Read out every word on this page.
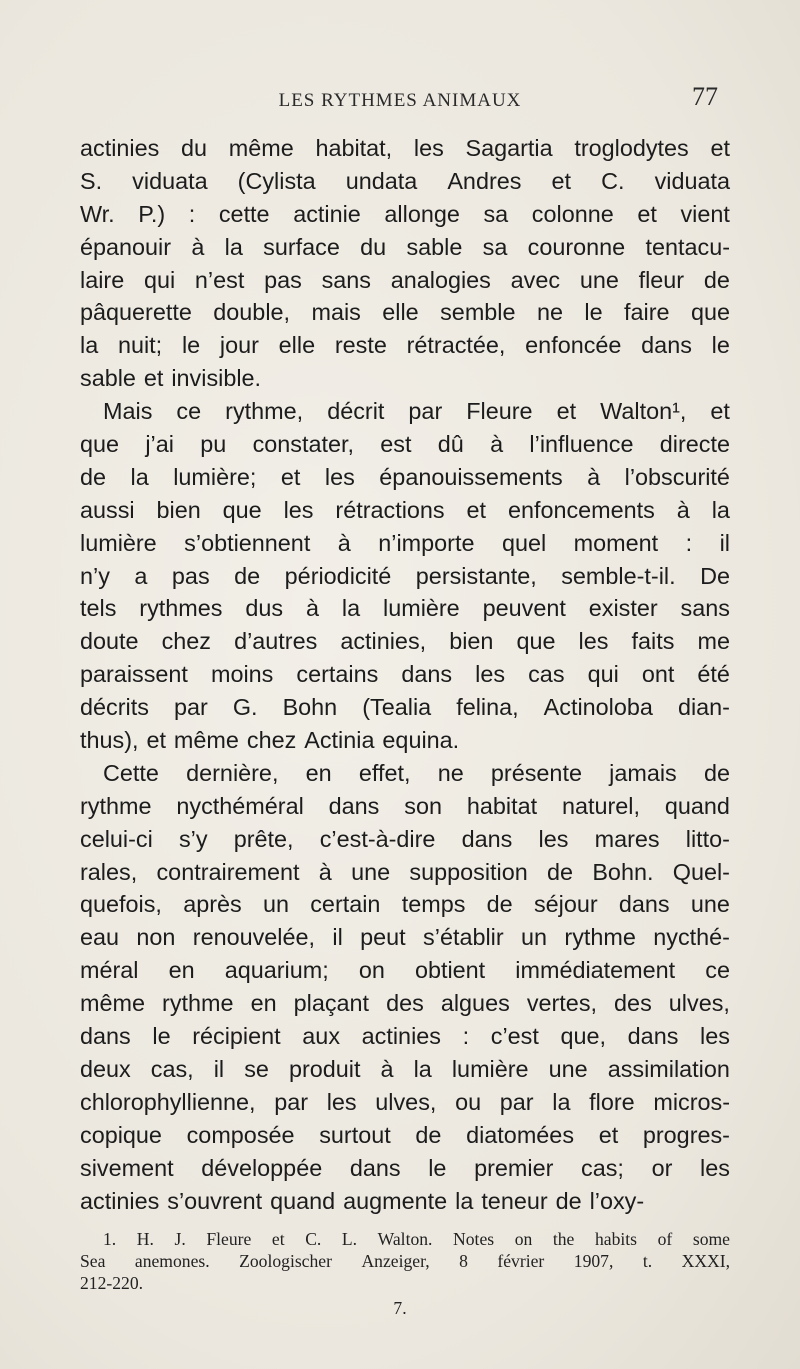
LES RYTHMES ANIMAUX	77
actinies du même habitat, les Sagartia troglodytes et
S. viduata (Cylista undata Andres et C. viduata
Wr. P.) : cette actinie allonge sa colonne et vient
épanouir à la surface du sable sa couronne tentacu-
laire qui n’est pas sans analogies avec une fleur de
pâquerette double, mais elle semble ne le faire que
la nuit; le jour elle reste rétractée, enfoncée dans le
sable et invisible.
Mais ce rythme, décrit par Fleure et Walton¹, et
que j’ai pu constater, est dû à l’influence directe
de la lumière; et les épanouissements à l’obscurité
aussi bien que les rétractions et enfoncements à la
lumière s’obtiennent à n’importe quel moment : il
n’y a pas de périodicité persistante, semble-t-il. De
tels rythmes dus à la lumière peuvent exister sans
doute chez d’autres actinies, bien que les faits me
paraissent moins certains dans les cas qui ont été
décrits par G. Bohn (Tealia felina, Actinoloba dian-
thus), et même chez Actinia equina.
Cette dernière, en effet, ne présente jamais de
rythme nycthéméral dans son habitat naturel, quand
celui-ci s’y prête, c’est-à-dire dans les mares litto-
rales, contrairement à une supposition de Bohn. Quel-
quefois, après un certain temps de séjour dans une
eau non renouvelée, il peut s’établir un rythme nycthé-
méral en aquarium; on obtient immédiatement ce
même rythme en plaçant des algues vertes, des ulves,
dans le récipient aux actinies : c’est que, dans les
deux cas, il se produit à la lumière une assimilation
chlorophyllienne, par les ulves, ou par la flore micros-
copique composée surtout de diatomées et progres-
sivement développée dans le premier cas; or les
actinies s’ouvrent quand augmente la teneur de l’oxy-
1. H. J. Fleure et C. L. Walton. Notes on the habits of some
Sea anemones. Zoologischer Anzeiger, 8 février 1907, t. XXXI,
212-220.
7.
